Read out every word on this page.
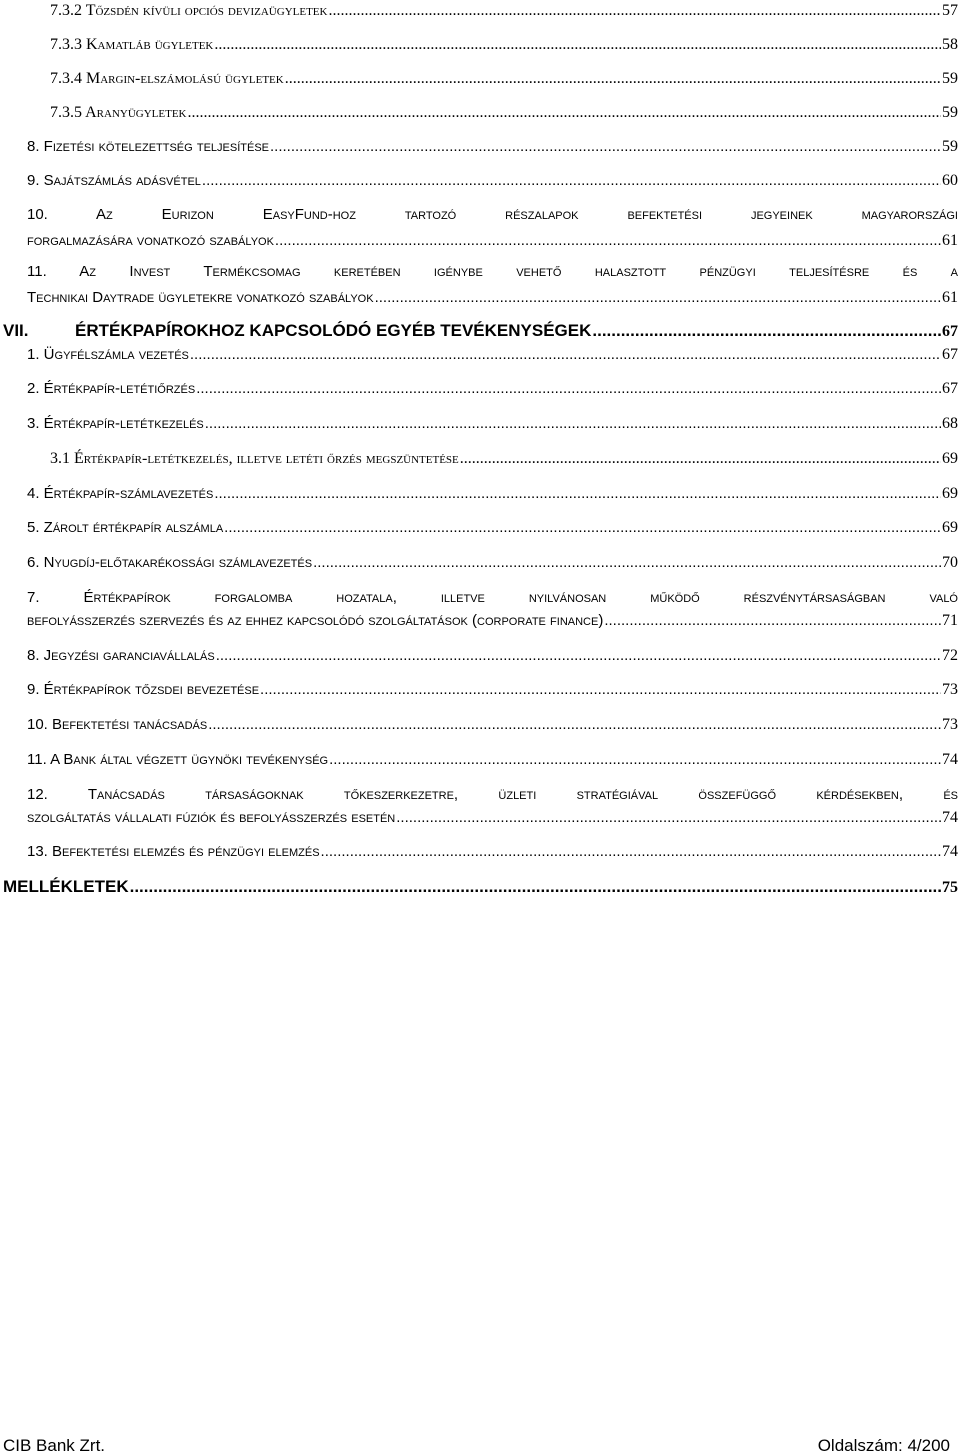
7.3.2 Tőzsdén kívüli opciós devizaügyletek .....	57
7.3.3 Kamatláb ügyletek .....	58
7.3.4 Margin-elszámolású ügyletek .....	59
7.3.5 Aranyügyletek .....	59
8. Fizetési kötelezettség teljesítése .....	59
9. Sajátszámlás adásvétel .....	60
10. Az Eurizon EasyFund-hoz tartozó részalapok befektetési jegyeinek magyarországi
forgalmazására vonatkozó szabályok .....	61
11. Az Invest Termékcsomag keretében igénybe vehető halasztott pénzügyi teljesítésre és a
Technikai Daytrade ügyletekre vonatkozó szabályok .....	61
VII.	ÉRTÉKPAPÍROKHOZ KAPCSOLÓDÓ EGYÉB TEVÉKENYSÉGEK .....	67
1. Ügyfélszámla vezetés .....	67
2. Értékpapír-letétiőrzés .....	67
3. Értékpapír-letétkezelés .....	68
3.1 Értékpapír-letétkezelés, illetve letéti őrzés megszüntetése .....	69
4. Értékpapír-számlavezetés .....	69
5. Zárolt értékpapír alszámla .....	69
6. Nyugdíj-előtakarékossági számlavezetés .....	70
7. Értékpapírok forgalomba hozatala, illetve nyilvánosan működő részvénytársaságban való
befolyásszerzés szervezés és az ehhez kapcsolódó szolgáltatások (corporate finance) .....	71
8. Jegyzési garanciavállalás .....	72
9. Értékpapírok tőzsdei bevezetése .....	73
10. Befektetési tanácsadás .....	73
11. A Bank által végzett ügynöki tevékenység .....	74
12. Tanácsadás társaságoknak tőkeszerkezetre, üzleti stratégiával összefüggő kérdésekben, és
szolgáltatás vállalati fúziók és befolyásszerzés esetén .....	74
13. Befektetési elemzés és pénzügyi elemzés .....	74
MELLÉKLETEK .....	75
CIB Bank Zrt.	Oldalszám: 4/200
